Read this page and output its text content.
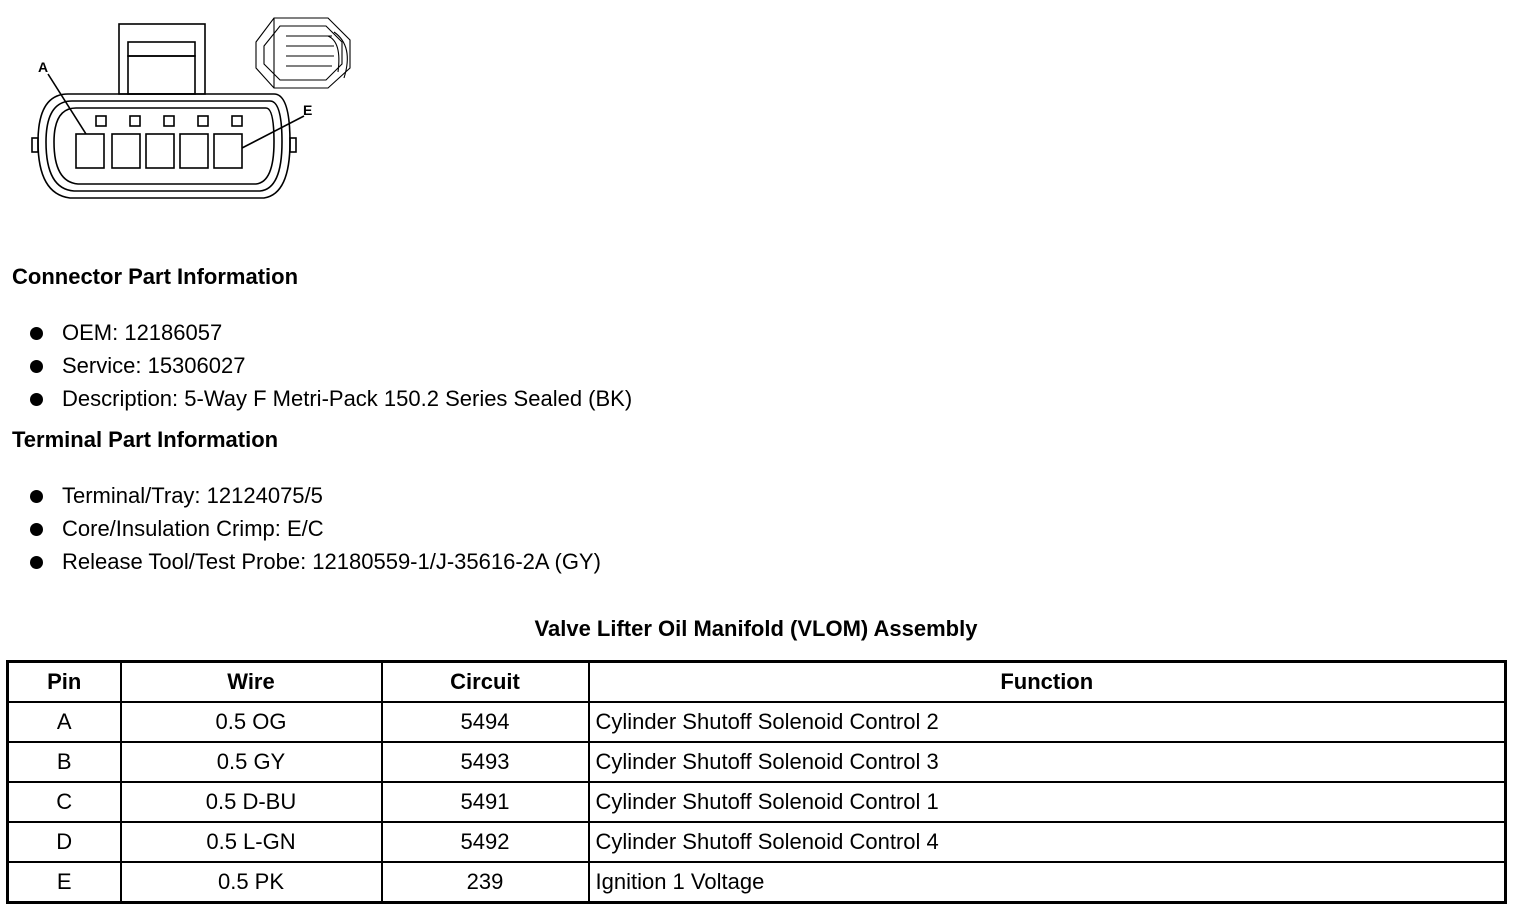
A
E
Connector Part Information
OEM: 12186057
Service: 15306027
Description: 5-Way F Metri-Pack 150.2 Series Sealed (BK)
Terminal Part Information
Terminal/Tray: 12124075/5
Core/Insulation Crimp: E/C
Release Tool/Test Probe: 12180559-1/J-35616-2A (GY)
Valve Lifter Oil Manifold (VLOM) Assembly
Pin	Wire	Circuit	Function
A	0.5 OG	5494	Cylinder Shutoff Solenoid Control 2
B	0.5 GY	5493	Cylinder Shutoff Solenoid Control 3
C	0.5 D-BU	5491	Cylinder Shutoff Solenoid Control 1
D	0.5 L-GN	5492	Cylinder Shutoff Solenoid Control 4
E	0.5 PK	239	Ignition 1 Voltage
